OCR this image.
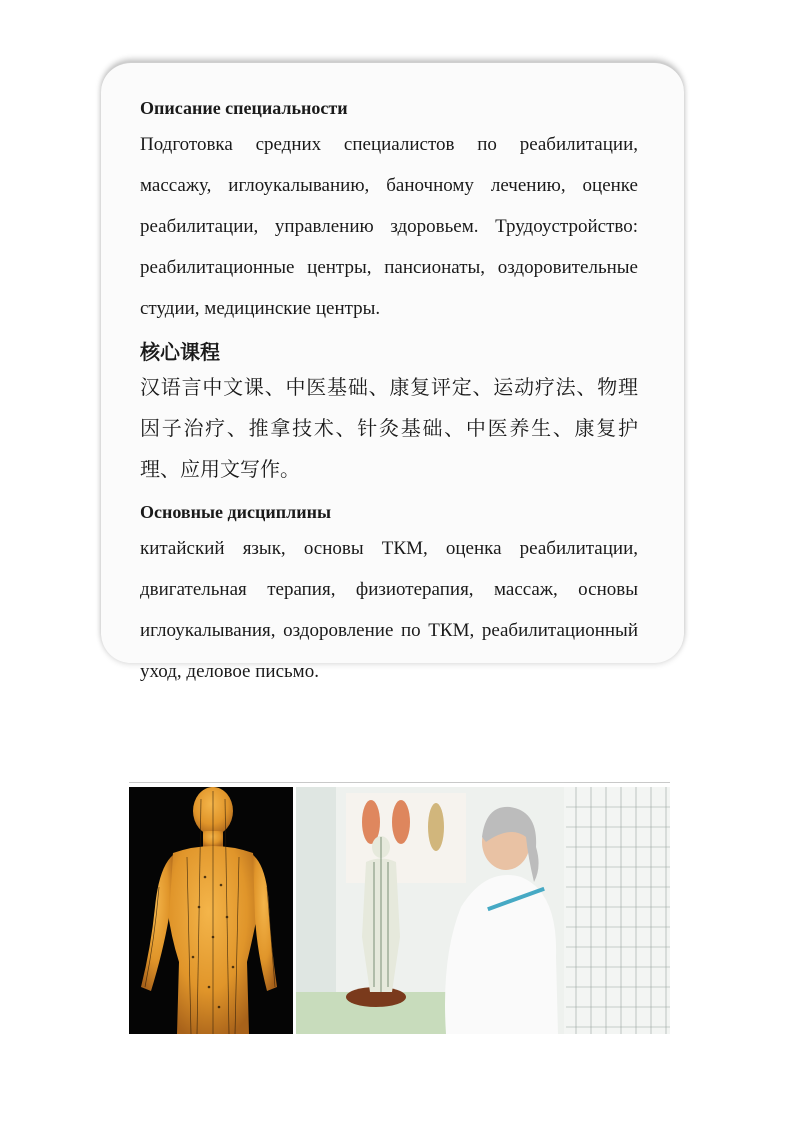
Описание специальности

Подготовка средних специалистов по реабилитации, массажу, иглоукалыванию, баночному лечению, оценке реабилитации, управлению здоровьем. Трудоустройство: реабилитационные центры, пансионаты, оздоровительные студии, медицинские центры.

核心课程

汉语言中文课、中医基础、康复评定、运动疗法、物理因子治疗、推拿技术、针灸基础、中医养生、康复护理、应用文写作。

Основные дисциплины

китайский язык, основы ТКМ, оценка реабилитации, двигательная терапия, физиотерапия, массаж, основы иглоукалывания, оздоровление по ТКМ, реабилитационный уход, деловое письмо.
